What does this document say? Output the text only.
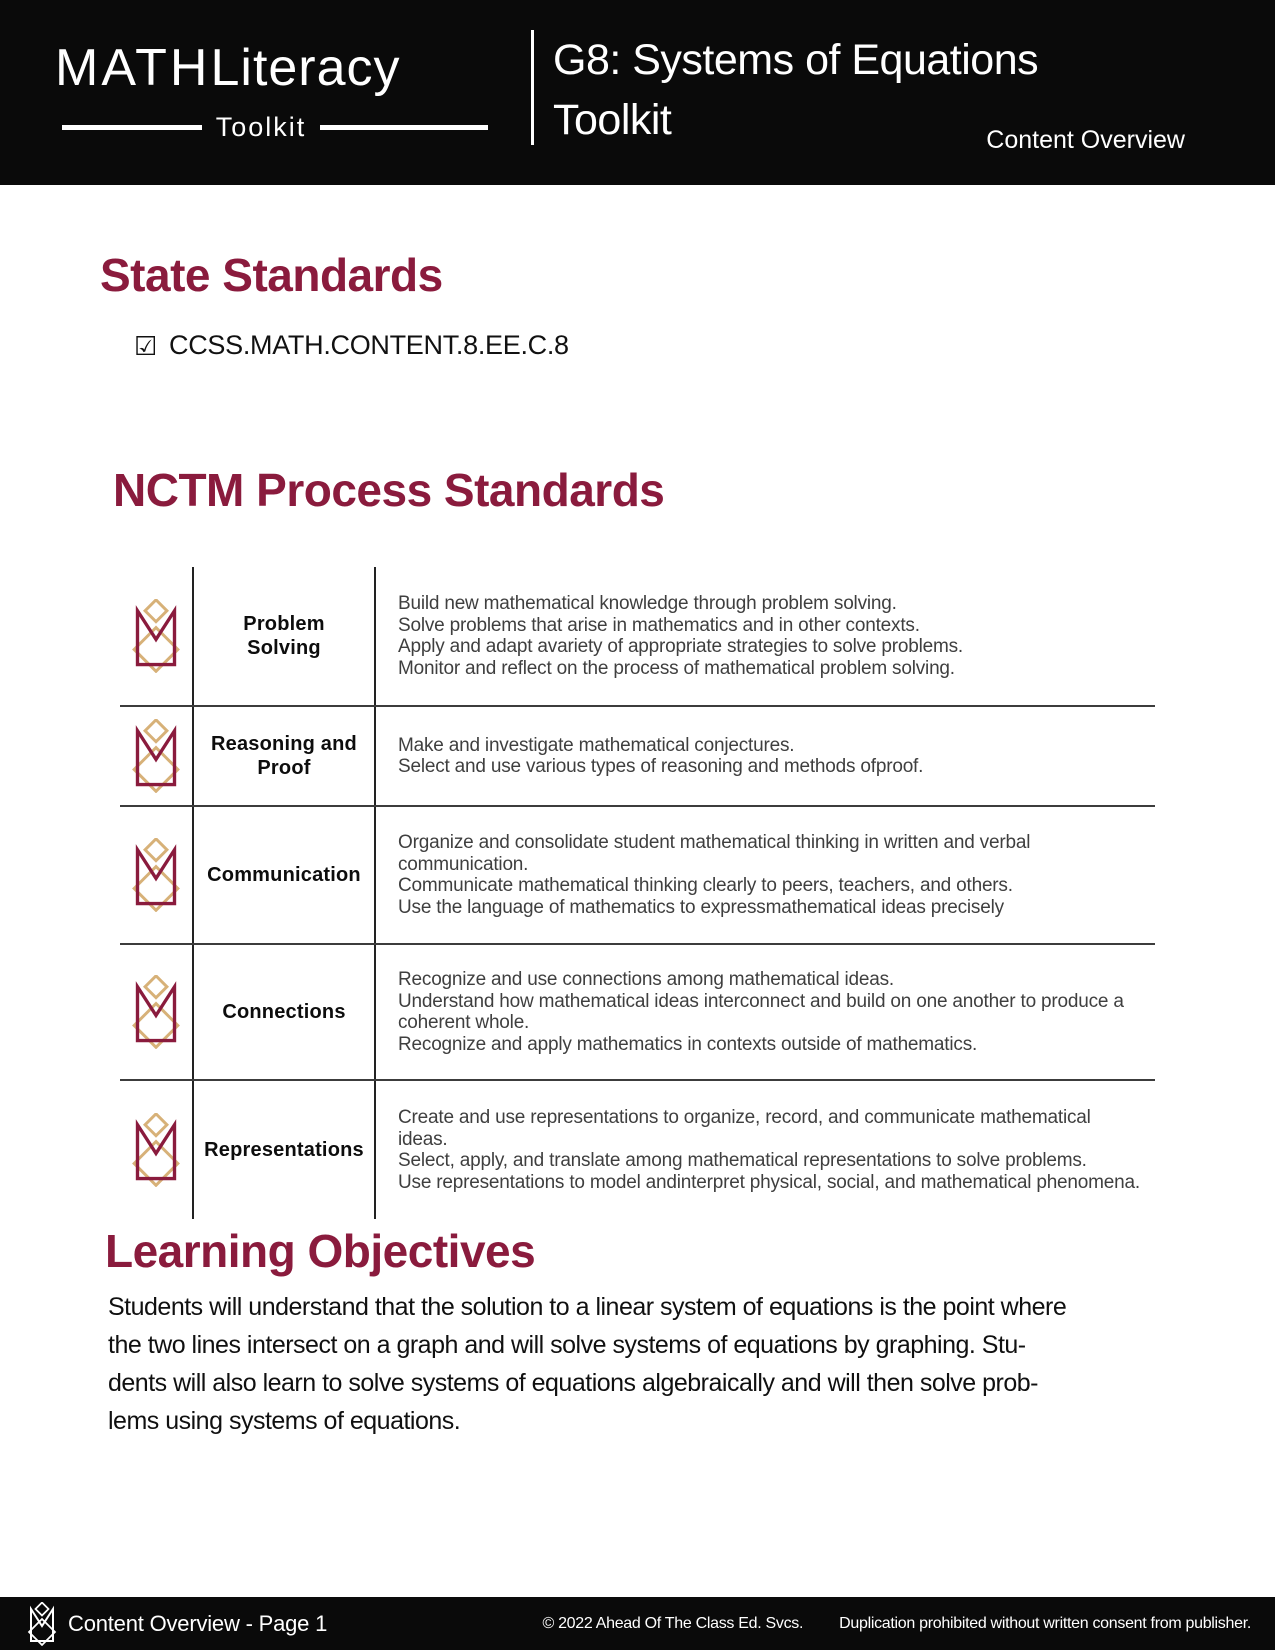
MATHLiteracy
Toolkit
G8: Systems of Equations
Toolkit	Content Overview
State Standards
☑ CCSS.MATH.CONTENT.8.EE.C.8
NCTM Process Standards
Problem Solving
Build new mathematical knowledge through problem solving.
Solve problems that arise in mathematics and in other contexts.
Apply and adapt avariety of appropriate strategies to solve problems.
Monitor and reflect on the process of mathematical problem solving.
Reasoning and Proof
Make and investigate mathematical conjectures.
Select and use various types of reasoning and methods ofproof.
Communication
Organize and consolidate student mathematical thinking in written and verbal communication.
Communicate mathematical thinking clearly to peers, teachers, and others.
Use the language of mathematics to expressmathematical ideas precisely
Connections
Recognize and use connections among mathematical ideas.
Understand how mathematical ideas interconnect and build on one another to produce a coherent whole.
Recognize and apply mathematics in contexts outside of mathematics.
Representations
Create and use representations to organize, record, and communicate mathematical ideas.
Select, apply, and translate among mathematical representations to solve problems.
Use representations to model andinterpret physical, social, and mathematical phenomena.
Learning Objectives
Students will understand that the solution to a linear system of equations is the point where
the two lines intersect on a graph and will solve systems of equations by graphing. Stu-
dents will also learn to solve systems of equations algebraically and will then solve prob-
lems using systems of equations.
Content Overview - Page 1	© 2022 Ahead Of The Class Ed. Svcs. Duplication prohibited without written consent from publisher.
